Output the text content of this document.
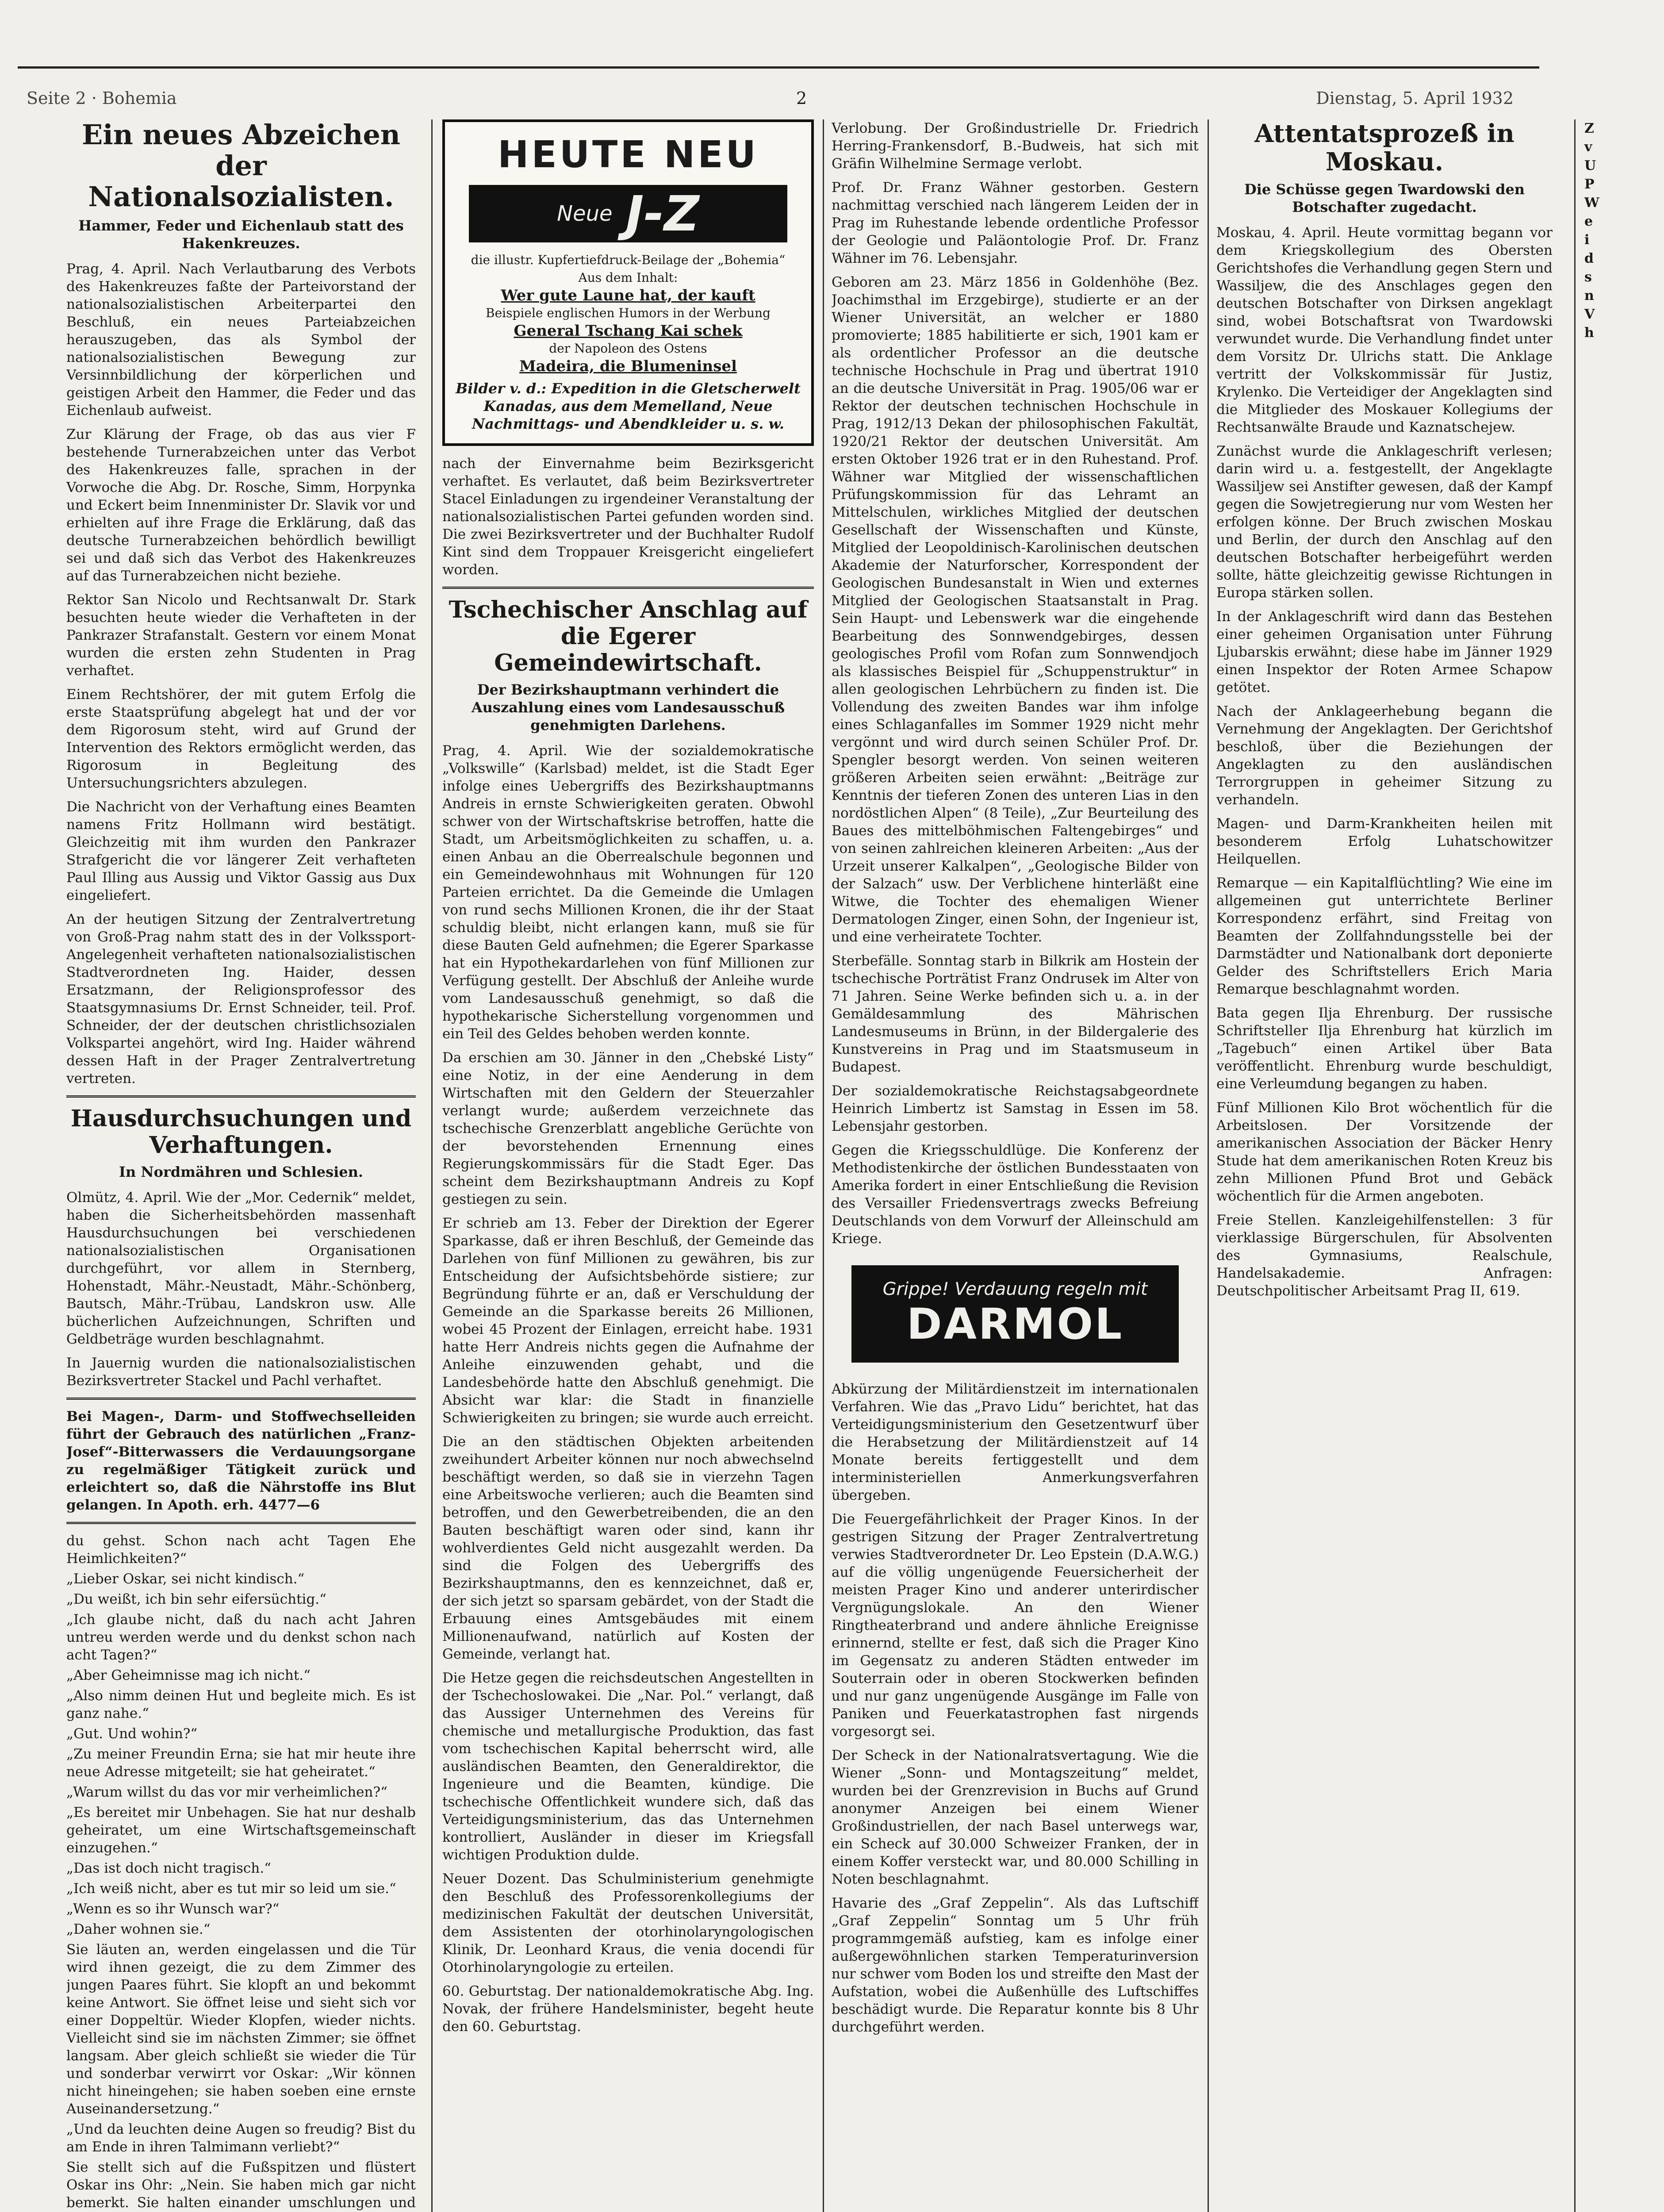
Seite 2 · Bohemia	2	Dienstag, 5. April 1932
Ein neues Abzeichen der Nationalsozialisten.
Hammer, Feder und Eichenlaub statt des Hakenkreuzes.

Prag, 4. April. Nach Verlautbarung des Verbots des Hakenkreuzes faßte der Parteivorstand der nationalsozialistischen Arbeiterpartei den Beschluß, ein neues Parteiabzeichen herauszugeben, das als Symbol der nationalsozialistischen Bewegung zur Versinnbildlichung der körperlichen und geistigen Arbeit den Hammer, die Feder und das Eichenlaub aufweist.

Zur Klärung der Frage, ob das aus vier F bestehende Turnerabzeichen unter das Verbot des Hakenkreuzes falle, sprachen in der Vorwoche die Abg. Dr. Rosche, Simm, Horpynka und Eckert beim Innenminister Dr. Slavik vor und erhielten auf ihre Frage die Erklärung, daß das deutsche Turnerabzeichen behördlich bewilligt sei und daß sich das Verbot des Hakenkreuzes auf das Turnerabzeichen nicht beziehe.

Rektor San Nicolo und Rechtsanwalt Dr. Stark besuchten heute wieder die Verhafteten in der Pankrazer Strafanstalt. Gestern vor einem Monat wurden die ersten zehn Studenten in Prag verhaftet.

Einem Rechtshörer, der mit gutem Erfolg die erste Staatsprüfung abgelegt hat und der vor dem Rigorosum steht, wird auf Grund der Intervention des Rektors ermöglicht werden, das Rigorosum in Begleitung des Untersuchungsrichters abzulegen.

Die Nachricht von der Verhaftung eines Beamten namens Fritz Hollmann wird bestätigt. Gleichzeitig mit ihm wurden den Pankrazer Strafgericht die vor längerer Zeit verhafteten Paul Illing aus Aussig und Viktor Gassig aus Dux eingeliefert.

An der heutigen Sitzung der Zentralvertretung von Groß-Prag nahm statt des in der Volkssport-Angelegenheit verhafteten nationalsozialistischen Stadtverordneten Ing. Haider, dessen Ersatzmann, der Religionsprofessor des Staatsgymnasiums Dr. Ernst Schneider, teil. Prof. Schneider, der der deutschen christlichsozialen Volkspartei angehört, wird Ing. Haider während dessen Haft in der Prager Zentralvertretung vertreten.

Hausdurchsuchungen und Verhaftungen.
In Nordmähren und Schlesien.

Olmütz, 4. April. Wie der „Mor. Cedernik“ meldet, haben die Sicherheitsbehörden massenhaft Hausdurchsuchungen bei verschiedenen nationalsozialistischen Organisationen durchgeführt, vor allem in Sternberg, Hohenstadt, Mähr.-Neustadt, Mähr.-Schönberg, Bautsch, Mähr.-Trübau, Landskron usw. Alle bücherlichen Aufzeichnungen, Schriften und Geldbeträge wurden beschlagnahmt.

In Jauernig wurden die nationalsozialistischen Bezirksvertreter Stackel und Pachl verhaftet.

Bei Magen-, Darm- und Stoffwechselleiden führt der Gebrauch des natürlichen „Franz-Josef“-Bitterwassers die Verdauungsorgane zu regelmäßiger Tätigkeit zurück und erleichtert so, daß die Nährstoffe ins Blut gelangen. In Apoth. erh. 4477—6

du gehst. Schon nach acht Tagen Ehe Heimlichkeiten?“

„Lieber Oskar, sei nicht kindisch.“

„Du weißt, ich bin sehr eifersüchtig.“

„Ich glaube nicht, daß du nach acht Jahren untreu werden werde und du denkst schon nach acht Tagen?“

„Aber Geheimnisse mag ich nicht.“

„Also nimm deinen Hut und begleite mich. Es ist ganz nahe.“

„Gut. Und wohin?“

„Zu meiner Freundin Erna; sie hat mir heute ihre neue Adresse mitgeteilt; sie hat geheiratet.“

„Warum willst du das vor mir verheimlichen?“

„Es bereitet mir Unbehagen. Sie hat nur deshalb geheiratet, um eine Wirtschaftsgemeinschaft einzugehen.“

„Das ist doch nicht tragisch.“

„Ich weiß nicht, aber es tut mir so leid um sie.“

„Wenn es so ihr Wunsch war?“

„Daher wohnen sie.“

Sie läuten an, werden eingelassen und die Tür wird ihnen gezeigt, die zu dem Zimmer des jungen Paares führt. Sie klopft an und bekommt keine Antwort. Sie öffnet leise und sieht sich vor einer Doppeltür. Wieder Klopfen, wieder nichts. Vielleicht sind sie im nächsten Zimmer; sie öffnet langsam. Aber gleich schließt sie wieder die Tür und sonderbar verwirrt vor Oskar: „Wir können nicht hineingehen; sie haben soeben eine ernste Auseinandersetzung.“

„Und da leuchten deine Augen so freudig? Bist du am Ende in ihren Talmimann verliebt?“

Sie stellt sich auf die Fußspitzen und flüstert Oskar ins Ohr: „Nein. Sie haben mich gar nicht bemerkt. Sie halten einander umschlungen und

HEUTE NEU
Neue J-Z
die illustr. Kupfertiefdruck-Beilage der „Bohemia“
Aus dem Inhalt:
Wer gute Laune hat, der kauft
Beispiele englischen Humors in der Werbung
General Tschang Kai schek
der Napoleon des Ostens
Madeira, die Blumeninsel
Bilder v. d.: Expedition in die Gletscherwelt Kanadas, aus dem Memelland, Neue Nachmittags- und Abendkleider u. s. w.

nach der Einvernahme beim Bezirksgericht verhaftet. Es verlautet, daß beim Bezirksvertreter Stacel Einladungen zu irgendeiner Veranstaltung der nationalsozialistischen Partei gefunden worden sind. Die zwei Bezirksvertreter und der Buchhalter Rudolf Kint sind dem Troppauer Kreisgericht eingeliefert worden.

Tschechischer Anschlag auf die Egerer Gemeindewirtschaft.
Der Bezirkshauptmann verhindert die Auszahlung eines vom Landesausschuß genehmigten Darlehens.

Prag, 4. April. Wie der sozialdemokratische „Volkswille“ (Karlsbad) meldet, ist die Stadt Eger infolge eines Uebergriffs des Bezirkshauptmanns Andreis in ernste Schwierigkeiten geraten. Obwohl schwer von der Wirtschaftskrise betroffen, hatte die Stadt, um Arbeitsmöglichkeiten zu schaffen, u. a. einen Anbau an die Oberrealschule begonnen und ein Gemeindewohnhaus mit Wohnungen für 120 Parteien errichtet. Da die Gemeinde die Umlagen von rund sechs Millionen Kronen, die ihr der Staat schuldig bleibt, nicht erlangen kann, muß sie für diese Bauten Geld aufnehmen; die Egerer Sparkasse hat ein Hypothekardarlehen von fünf Millionen zur Verfügung gestellt. Der Abschluß der Anleihe wurde vom Landesausschuß genehmigt, so daß die hypothekarische Sicherstellung vorgenommen und ein Teil des Geldes behoben werden konnte.

Da erschien am 30. Jänner in den „Chebské Listy“ eine Notiz, in der eine Aenderung in dem Wirtschaften mit den Geldern der Steuerzahler verlangt wurde; außerdem verzeichnete das tschechische Grenzerblatt angebliche Gerüchte von der bevorstehenden Ernennung eines Regierungskommissärs für die Stadt Eger. Das scheint dem Bezirkshauptmann Andreis zu Kopf gestiegen zu sein.

Er schrieb am 13. Feber der Direktion der Egerer Sparkasse, daß er ihren Beschluß, der Gemeinde das Darlehen von fünf Millionen zu gewähren, bis zur Entscheidung der Aufsichtsbehörde sistiere; zur Begründung führte er an, daß er Verschuldung der Gemeinde an die Sparkasse bereits 26 Millionen, wobei 45 Prozent der Einlagen, erreicht habe. 1931 hatte Herr Andreis nichts gegen die Aufnahme der Anleihe einzuwenden gehabt, und die Landesbehörde hatte den Abschluß genehmigt. Die Absicht war klar: die Stadt in finanzielle Schwierigkeiten zu bringen; sie wurde auch erreicht.

Die an den städtischen Objekten arbeitenden zweihundert Arbeiter können nur noch abwechselnd beschäftigt werden, so daß sie in vierzehn Tagen eine Arbeitswoche verlieren; auch die Beamten sind betroffen, und den Gewerbetreibenden, die an den Bauten beschäftigt waren oder sind, kann ihr wohlverdientes Geld nicht ausgezahlt werden. Da sind die Folgen des Uebergriffs des Bezirkshauptmanns, den es kennzeichnet, daß er, der sich jetzt so sparsam gebärdet, von der Stadt die Erbauung eines Amtsgebäudes mit einem Millionenaufwand, natürlich auf Kosten der Gemeinde, verlangt hat.

Die Hetze gegen die reichsdeutschen Angestellten in der Tschechoslowakei. Die „Nar. Pol.“ verlangt, daß das Aussiger Unternehmen des Vereins für chemische und metallurgische Produktion, das fast vom tschechischen Kapital beherrscht wird, alle ausländischen Beamten, den Generaldirektor, die Ingenieure und die Beamten, kündige. Die tschechische Offentlichkeit wundere sich, daß das Verteidigungsministerium, das das Unternehmen kontrolliert, Ausländer in dieser im Kriegsfall wichtigen Produktion dulde.

Neuer Dozent. Das Schulministerium genehmigte den Beschluß des Professorenkollegiums der medizinischen Fakultät der deutschen Universität, dem Assistenten der otorhinolaryngologischen Klinik, Dr. Leonhard Kraus, die venia docendi für Otorhinolaryngologie zu erteilen.

60. Geburtstag. Der nationaldemokratische Abg. Ing. Novak, der frühere Handelsminister, begeht heute den 60. Geburtstag.

Verlobung. Der Großindustrielle Dr. Friedrich Herring-Frankensdorf, B.-Budweis, hat sich mit Gräfin Wilhelmine Sermage verlobt.

Prof. Dr. Franz Wähner gestorben. Gestern nachmittag verschied nach längerem Leiden der in Prag im Ruhestande lebende ordentliche Professor der Geologie und Paläontologie Prof. Dr. Franz Wähner im 76. Lebensjahr.

Geboren am 23. März 1856 in Goldenhöhe (Bez. Joachimsthal im Erzgebirge), studierte er an der Wiener Universität, an welcher er 1880 promovierte; 1885 habilitierte er sich, 1901 kam er als ordentlicher Professor an die deutsche technische Hochschule in Prag und übertrat 1910 an die deutsche Universität in Prag. 1905/06 war er Rektor der deutschen technischen Hochschule in Prag, 1912/13 Dekan der philosophischen Fakultät, 1920/21 Rektor der deutschen Universität. Am ersten Oktober 1926 trat er in den Ruhestand. Prof. Wähner war Mitglied der wissenschaftlichen Prüfungskommission für das Lehramt an Mittelschulen, wirkliches Mitglied der deutschen Gesellschaft der Wissenschaften und Künste, Mitglied der Leopoldinisch-Karolinischen deutschen Akademie der Naturforscher, Korrespondent der Geologischen Bundesanstalt in Wien und externes Mitglied der Geologischen Staatsanstalt in Prag. Sein Haupt- und Lebenswerk war die eingehende Bearbeitung des Sonnwendgebirges, dessen geologisches Profil vom Rofan zum Sonnwendjoch als klassisches Beispiel für „Schuppenstruktur“ in allen geologischen Lehrbüchern zu finden ist. Die Vollendung des zweiten Bandes war ihm infolge eines Schlaganfalles im Sommer 1929 nicht mehr vergönnt und wird durch seinen Schüler Prof. Dr. Spengler besorgt werden. Von seinen weiteren größeren Arbeiten seien erwähnt: „Beiträge zur Kenntnis der tieferen Zonen des unteren Lias in den nordöstlichen Alpen“ (8 Teile), „Zur Beurteilung des Baues des mittelböhmischen Faltengebirges“ und von seinen zahlreichen kleineren Arbeiten: „Aus der Urzeit unserer Kalkalpen“, „Geologische Bilder von der Salzach“ usw. Der Verblichene hinterläßt eine Witwe, die Tochter des ehemaligen Wiener Dermatologen Zinger, einen Sohn, der Ingenieur ist, und eine verheiratete Tochter.

Sterbefälle. Sonntag starb in Bilkrik am Hostein der tschechische Porträtist Franz Ondrusek im Alter von 71 Jahren. Seine Werke befinden sich u. a. in der Gemäldesammlung des Mährischen Landesmuseums in Brünn, in der Bildergalerie des Kunstvereins in Prag und im Staatsmuseum in Budapest.

Der sozialdemokratische Reichstagsabgeordnete Heinrich Limbertz ist Samstag in Essen im 58. Lebensjahr gestorben.

Gegen die Kriegsschuldlüge. Die Konferenz der Methodistenkirche der östlichen Bundesstaaten von Amerika fordert in einer Entschließung die Revision des Versailler Friedensvertrags zwecks Befreiung Deutschlands von dem Vorwurf der Alleinschuld am Kriege.

Grippe! Verdauung regeln mit
DARMOL

Abkürzung der Militärdienstzeit im internationalen Verfahren. Wie das „Pravo Lidu“ berichtet, hat das Verteidigungsministerium den Gesetzentwurf über die Herabsetzung der Militärdienstzeit auf 14 Monate bereits fertiggestellt und dem interministeriellen Anmerkungsverfahren übergeben.

Die Feuergefährlichkeit der Prager Kinos. In der gestrigen Sitzung der Prager Zentralvertretung verwies Stadtverordneter Dr. Leo Epstein (D.A.W.G.) auf die völlig ungenügende Feuersicherheit der meisten Prager Kino und anderer unterirdischer Vergnügungslokale. An den Wiener Ringtheaterbrand und andere ähnliche Ereignisse erinnernd, stellte er fest, daß sich die Prager Kino im Gegensatz zu anderen Städten entweder im Souterrain oder in oberen Stockwerken befinden und nur ganz ungenügende Ausgänge im Falle von Paniken und Feuerkatastrophen fast nirgends vorgesorgt sei.

Der Scheck in der Nationalratsvertagung. Wie die Wiener „Sonn- und Montagszeitung“ meldet, wurden bei der Grenzrevision in Buchs auf Grund anonymer Anzeigen bei einem Wiener Großindustriellen, der nach Basel unterwegs war, ein Scheck auf 30.000 Schweizer Franken, der in einem Koffer versteckt war, und 80.000 Schilling in Noten beschlagnahmt.

Havarie des „Graf Zeppelin“. Als das Luftschiff „Graf Zeppelin“ Sonntag um 5 Uhr früh programmgemäß aufstieg, kam es infolge einer außergewöhnlichen starken Temperaturinversion nur schwer vom Boden los und streifte den Mast der Aufstation, wobei die Außenhülle des Luftschiffes beschädigt wurde. Die Reparatur konnte bis 8 Uhr durchgeführt werden.

Attentatsprozeß in Moskau.
Die Schüsse gegen Twardowski den Botschafter zugedacht.

Moskau, 4. April. Heute vormittag begann vor dem Kriegskollegium des Obersten Gerichtshofes die Verhandlung gegen Stern und Wassiljew, die des Anschlages gegen den deutschen Botschafter von Dirksen angeklagt sind, wobei Botschaftsrat von Twardowski verwundet wurde. Die Verhandlung findet unter dem Vorsitz Dr. Ulrichs statt. Die Anklage vertritt der Volkskommissär für Justiz, Krylenko. Die Verteidiger der Angeklagten sind die Mitglieder des Moskauer Kollegiums der Rechtsanwälte Braude und Kaznatschejew.

Zunächst wurde die Anklageschrift verlesen; darin wird u. a. festgestellt, der Angeklagte Wassiljew sei Anstifter gewesen, daß der Kampf gegen die Sowjetregierung nur vom Westen her erfolgen könne. Der Bruch zwischen Moskau und Berlin, der durch den Anschlag auf den deutschen Botschafter herbeigeführt werden sollte, hätte gleichzeitig gewisse Richtungen in Europa stärken sollen.

In der Anklageschrift wird dann das Bestehen einer geheimen Organisation unter Führung Ljubarskis erwähnt; diese habe im Jänner 1929 einen Inspektor der Roten Armee Schapow getötet.

Nach der Anklageerhebung begann die Vernehmung der Angeklagten. Der Gerichtshof beschloß, über die Beziehungen der Angeklagten zu den ausländischen Terrorgruppen in geheimer Sitzung zu verhandeln.

Magen- und Darm-Krankheiten heilen mit besonderem Erfolg Luhatschowitzer Heilquellen.

Remarque — ein Kapitalflüchtling? Wie eine im allgemeinen gut unterrichtete Berliner Korrespondenz erfährt, sind Freitag von Beamten der Zollfahndungsstelle bei der Darmstädter und Nationalbank dort deponierte Gelder des Schriftstellers Erich Maria Remarque beschlagnahmt worden.

Bata gegen Ilja Ehrenburg. Der russische Schriftsteller Ilja Ehrenburg hat kürzlich im „Tagebuch“ einen Artikel über Bata veröffentlicht. Ehrenburg wurde beschuldigt, eine Verleumdung begangen zu haben.

Fünf Millionen Kilo Brot wöchentlich für die Arbeitslosen. Der Vorsitzende der amerikanischen Association der Bäcker Henry Stude hat dem amerikanischen Roten Kreuz bis zehn Millionen Pfund Brot und Gebäck wöchentlich für die Armen angeboten.

Freie Stellen. Kanzleigehilfenstellen: 3 für vierklassige Bürgerschulen, für Absolventen des Gymnasiums, Realschule, Handelsakademie. Anfragen: Deutschpolitischer Arbeitsamt Prag II, 619.

Z

v

U

P

W

e

i

d

s

n

V

h
